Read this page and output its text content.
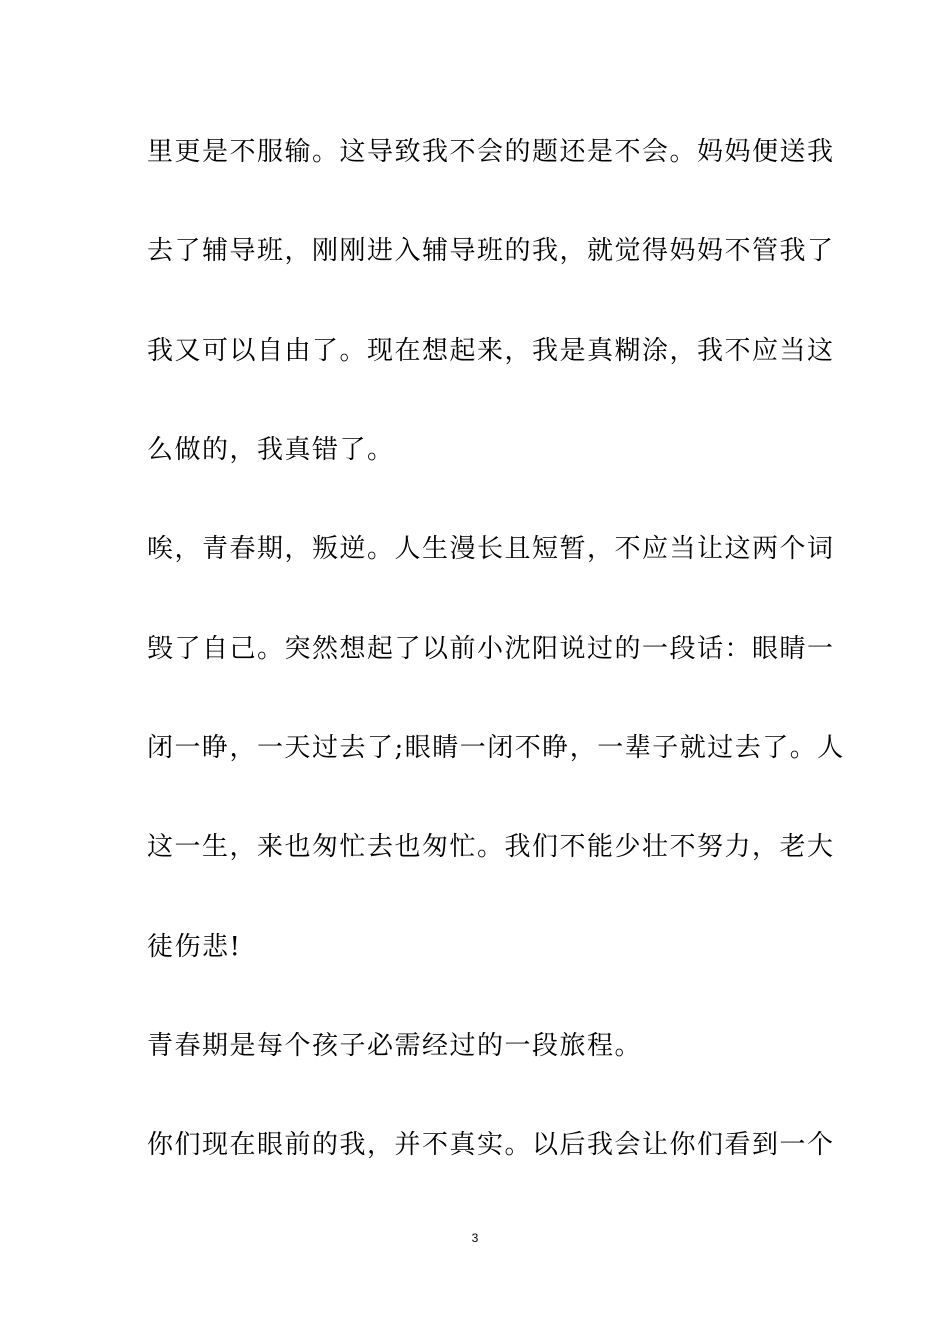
里更是不服输。这导致我不会的题还是不会。妈妈便送我

去了辅导班，刚刚进入辅导班的我，就觉得妈妈不管我了

我又可以自由了。现在想起来，我是真糊涂，我不应当这

么做的，我真错了。

唉，青春期，叛逆。人生漫长且短暂，不应当让这两个词

毁了自己。突然想起了以前小沈阳说过的一段话：眼睛一

闭一睁，一天过去了;眼睛一闭不睁，一辈子就过去了。人

这一生，来也匆忙去也匆忙。我们不能少壮不努力，老大

徒伤悲!

青春期是每个孩子必需经过的一段旅程。

你们现在眼前的我，并不真实。以后我会让你们看到一个

3
